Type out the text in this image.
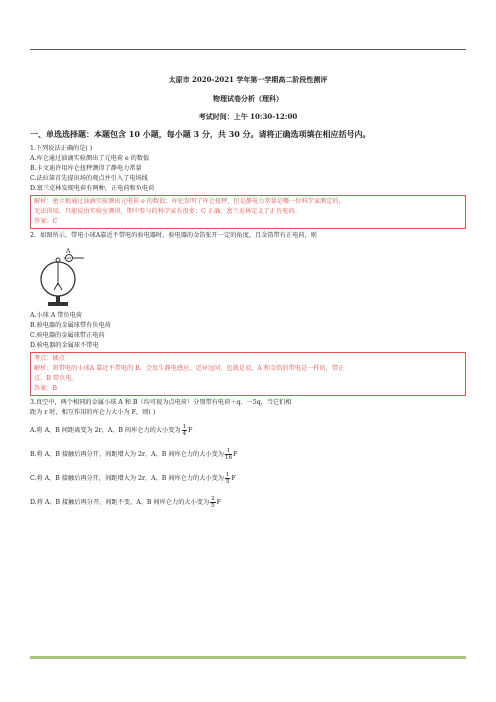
太原市 2020-2021 学年第一学期高二阶段性测评
物理试卷分析（理科）
考试时间：上午 10:30-12:00
一、单选选择题：本题包含 10 小题，每小题 3 分，共 30 分。请将正确选项填在相应括号内。
1.下列说法正确的是( )
A.库仑通过油滴实验测出了元电荷 e 的数值
B.卡文迪许用库仑扭秤测得了静电力常量
C.法拉第首先提出场的观点并引入了电场线
D.富兰克林发现电荷有两种，正电荷和负电荷
解析：密立根通过油滴实验测出元电荷 e 的数值；库伦发明了库仑扭秤，但是静电力常量是哪一位科学家测定的，
无法得知，只能说由实验室测得，期中参与的科学家有很多；C 正确；富兰克林定义了正负电荷。
答案：C
2．如图所示，带电小球A靠近不带电的验电器时，验电器的金箔张开一定的角度，且金箔带有正电荷，则
A
A.小球 A 带负电荷
B.验电器的金属球带有负电荷
C.验电器的金属球带正电荷
D.验电器的金属球不带电
考点：插点
解析：将带电的小球A 靠近不带电的 B，会发生静电感应，近异远同，也就是说，A 和金箔的带电是一样的，带正
点，B 带负电。
答案：B
3.真空中，两个相同的金属小球 A 和 B（均可视为点电荷）分别带有电荷＋q、－5q，当它们相
距为 r 时，相互作用的库仑力大小为 F，则( )
A.将 A、B 间距离变为 2r，A、B 间库仑力的大小变为 $\frac{1}{4}$ F
B.将 A、B 接触后再分开，间距增大为 2r，A、B 间库仑力的大小变为 $\frac{1}{16}$ F
C.将 A、B 接触后再分开，间距增大为 2r，A、B 间库仑力的大小变为 $\frac{1}{5}$ F
D.将 A、B 接触后再分开，间距不变，A、B 间库仑力的大小变为 $\frac{2}{5}$ F
